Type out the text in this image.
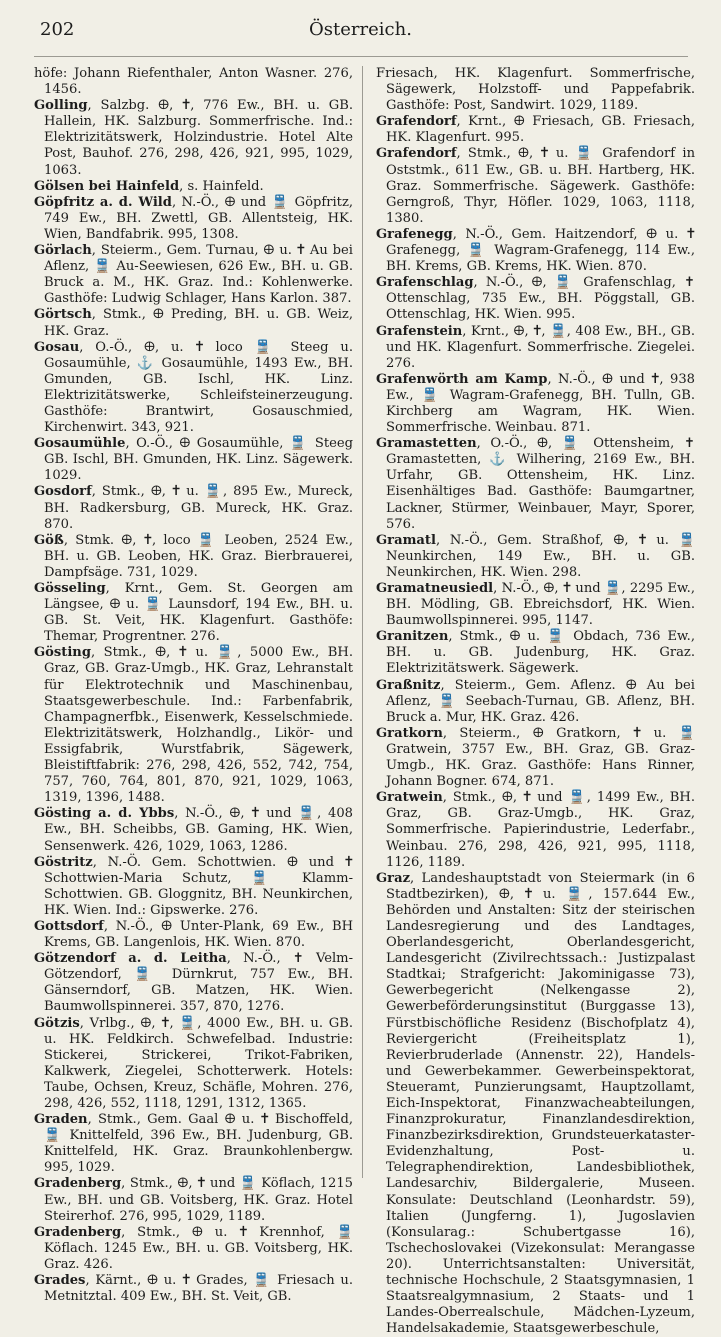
202	Österreich.

höfe: Johann Riefenthaler, Anton Wasner. 276, 1456.

Golling, Salzbg. 🜨, ✝, 776 Ew., BH. u. GB. Hallein, HK. Salzburg. Sommerfrische. Ind.: Elektrizitätswerk, Holzindustrie. Hotel Alte Post, Bauhof. 276, 298, 426, 921, 995, 1029, 1063.

Gölsen bei Hainfeld, s. Hainfeld.

Göpfritz a. d. Wild, N.-Ö., 🜨 und 🚆 Göpfritz, 749 Ew., BH. Zwettl, GB. Allentsteig, HK. Wien, Bandfabrik. 995, 1308.

Görlach, Steierm., Gem. Turnau, 🜨 u. ✝ Au bei Aflenz, 🚆 Au-Seewiesen, 626 Ew., BH. u. GB. Bruck a. M., HK. Graz. Ind.: Kohlenwerke. Gasthöfe: Ludwig Schlager, Hans Karlon. 387.

Görtsch, Stmk., 🜨 Preding, BH. u. GB. Weiz, HK. Graz.

Gosau, O.-Ö., 🜨, u. ✝ loco 🚆 Steeg u. Gosaumühle, ⚓ Gosaumühle, 1493 Ew., BH. Gmunden, GB. Ischl, HK. Linz. Elektrizitätswerke, Schleifsteinerzeugung. Gasthöfe: Brantwirt, Gosauschmied, Kirchenwirt. 343, 921.

Gosaumühle, O.-Ö., 🜨 Gosaumühle, 🚆 Steeg GB. Ischl, BH. Gmunden, HK. Linz. Sägewerk. 1029.

Gosdorf, Stmk., 🜨, ✝ u. 🚆, 895 Ew., Mureck, BH. Radkersburg, GB. Mureck, HK. Graz. 870.

Göß, Stmk. 🜨, ✝, loco 🚆 Leoben, 2524 Ew., BH. u. GB. Leoben, HK. Graz. Bierbrauerei, Dampfsäge. 731, 1029.

Gösseling, Krnt., Gem. St. Georgen am Längsee, 🜨 u. 🚆 Launsdorf, 194 Ew., BH. u. GB. St. Veit, HK. Klagenfurt. Gasthöfe: Themar, Progrentner. 276.

Gösting, Stmk., 🜨, ✝ u. 🚆, 5000 Ew., BH. Graz, GB. Graz-Umgb., HK. Graz, Lehranstalt für Elektrotechnik und Maschinenbau, Staatsgewerbeschule. Ind.: Farbenfabrik, Champagnerfbk., Eisenwerk, Kesselschmiede. Elektrizitätswerk, Holzhandlg., Likör- und Essigfabrik, Wurstfabrik, Sägewerk, Bleistiftfabrik: 276, 298, 426, 552, 742, 754, 757, 760, 764, 801, 870, 921, 1029, 1063, 1319, 1396, 1488.

Gösting a. d. Ybbs, N.-Ö., 🜨, ✝ und 🚆, 408 Ew., BH. Scheibbs, GB. Gaming, HK. Wien, Sensenwerk. 426, 1029, 1063, 1286.

Göstritz, N.-Ö. Gem. Schottwien. 🜨 und ✝ Schottwien-Maria Schutz, 🚆 Klamm-Schottwien. GB. Gloggnitz, BH. Neunkirchen, HK. Wien. Ind.: Gipswerke. 276.

Gottsdorf, N.-Ö., 🜨 Unter-Plank, 69 Ew., BH Krems, GB. Langenlois, HK. Wien. 870.

Götzendorf a. d. Leitha, N.-Ö., ✝ Velm-Götzendorf, 🚆 Dürnkrut, 757 Ew., BH. Gänserndorf, GB. Matzen, HK. Wien. Baumwollspinnerei. 357, 870, 1276.

Götzis, Vrlbg., 🜨, ✝, 🚆, 4000 Ew., BH. u. GB. u. HK. Feldkirch. Schwefelbad. Industrie: Stickerei, Strickerei, Trikot-Fabriken, Kalkwerk, Ziegelei, Schotterwerk. Hotels: Taube, Ochsen, Kreuz, Schäfle, Mohren. 276, 298, 426, 552, 1118, 1291, 1312, 1365.

Graden, Stmk., Gem. Gaal 🜨 u. ✝ Bischoffeld, 🚆 Knittelfeld, 396 Ew., BH. Judenburg, GB. Knittelfeld, HK. Graz. Braunkohlenbergw. 995, 1029.

Gradenberg, Stmk., 🜨, ✝ und 🚆 Köflach, 1215 Ew., BH. und GB. Voitsberg, HK. Graz. Hotel Steirerhof. 276, 995, 1029, 1189.

Gradenberg, Stmk., 🜨 u. ✝ Krennhof, 🚆 Köflach. 1245 Ew., BH. u. GB. Voitsberg, HK. Graz. 426.

Grades, Kärnt., 🜨 u. ✝ Grades, 🚆 Friesach u. Metnitztal. 409 Ew., BH. St. Veit, GB.

Friesach, HK. Klagenfurt. Sommerfrische, Sägewerk, Holzstoff- und Pappefabrik. Gasthöfe: Post, Sandwirt. 1029, 1189.

Grafendorf, Krnt., 🜨 Friesach, GB. Friesach, HK. Klagenfurt. 995.

Grafendorf, Stmk., 🜨, ✝ u. 🚆 Grafendorf in Oststmk., 611 Ew., GB. u. BH. Hartberg, HK. Graz. Sommerfrische. Sägewerk. Gasthöfe: Gerngroß, Thyr, Höfler. 1029, 1063, 1118, 1380.

Grafenegg, N.-Ö., Gem. Haitzendorf, 🜨 u. ✝ Grafenegg, 🚆 Wagram-Grafenegg, 114 Ew., BH. Krems, GB. Krems, HK. Wien. 870.

Grafenschlag, N.-Ö., 🜨, 🚆 Grafenschlag, ✝ Ottenschlag, 735 Ew., BH. Pöggstall, GB. Ottenschlag, HK. Wien. 995.

Grafenstein, Krnt., 🜨, ✝, 🚆, 408 Ew., BH., GB. und HK. Klagenfurt. Sommerfrische. Ziegelei. 276.

Grafenwörth am Kamp, N.-Ö., 🜨 und ✝, 938 Ew., 🚆 Wagram-Grafenegg, BH. Tulln, GB. Kirchberg am Wagram, HK. Wien. Sommerfrische. Weinbau. 871.

Gramastetten, O.-Ö., 🜨, 🚆 Ottensheim, ✝ Gramastetten, ⚓ Wilhering, 2169 Ew., BH. Urfahr, GB. Ottensheim, HK. Linz. Eisenhältiges Bad. Gasthöfe: Baumgartner, Lackner, Stürmer, Weinbauer, Mayr, Sporer, 576.

Gramatl, N.-Ö., Gem. Straßhof, 🜨, ✝ u. 🚆 Neunkirchen, 149 Ew., BH. u. GB. Neunkirchen, HK. Wien. 298.

Gramatneusiedl, N.-Ö., 🜨, ✝ und 🚆, 2295 Ew., BH. Mödling, GB. Ebreichsdorf, HK. Wien. Baumwollspinnerei. 995, 1147.

Granitzen, Stmk., 🜨 u. 🚆 Obdach, 736 Ew., BH. u. GB. Judenburg, HK. Graz. Elektrizitätswerk. Sägewerk.

Graßnitz, Steierm., Gem. Aflenz. 🜨 Au bei Aflenz, 🚆 Seebach-Turnau, GB. Aflenz, BH. Bruck a. Mur, HK. Graz. 426.

Gratkorn, Steierm., 🜨 Gratkorn, ✝ u. 🚆 Gratwein, 3757 Ew., BH. Graz, GB. Graz-Umgb., HK. Graz. Gasthöfe: Hans Rinner, Johann Bogner. 674, 871.

Gratwein, Stmk., 🜨, ✝ und 🚆, 1499 Ew., BH. Graz, GB. Graz-Umgb., HK. Graz, Sommerfrische. Papierindustrie, Lederfabr., Weinbau. 276, 298, 426, 921, 995, 1118, 1126, 1189.

Graz, Landeshauptstadt von Steiermark (in 6 Stadtbezirken), 🜨, ✝ u. 🚆, 157.644 Ew., Behörden und Anstalten: Sitz der steirischen Landesregierung und des Landtages, Oberlandesgericht, Oberlandesgericht, Landesgericht (Zivilrechtssach.: Justizpalast Stadtkai; Strafgericht: Jakominigasse 73), Gewerbegericht (Nelkengasse 2), Gewerbeförderungsinstitut (Burggasse 13), Fürstbischöfliche Residenz (Bischofplatz 4), Reviergericht (Freiheitsplatz 1), Revierbruderlade (Annenstr. 22), Handels- und Gewerbekammer. Gewerbeinspektorat, Steueramt, Punzierungsamt, Hauptzollamt, Eich-Inspektorat, Finanzwacheabteilungen, Finanzprokuratur, Finanzlandesdirektion, Finanzbezirksdirektion, Grundsteuerkataster-Evidenzhaltung, Post- u. Telegraphendirektion, Landesbibliothek, Landesarchiv, Bildergalerie, Museen. Konsulate: Deutschland (Leonhardstr. 59), Italien (Jungferng. 1), Jugoslavien (Konsularag.: Schubertgasse 16), Tschechoslovakei (Vizekonsulat: Merangasse 20). Unterrichtsanstalten: Universität, technische Hochschule, 2 Staatsgymnasien, 1 Staatsrealgymnasium, 2 Staats- und 1 Landes-Oberrealschule, Mädchen-Lyzeum, Handelsakademie, Staatsgewerbeschule,
